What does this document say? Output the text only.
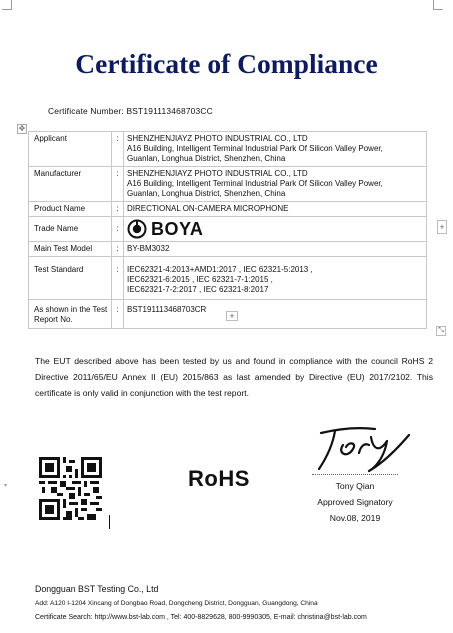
Certificate of Compliance
Certificate Number: BST191113468703CC
✥
Applicant	:	SHENZHENJIAYZ PHOTO INDUSTRIAL CO., LTD
A16 Building, Intelligent Terminal Industrial Park Of Silicon Valley Power,
Guanlan, Longhua District, Shenzhen, China

Manufacturer	:	SHENZHENJIAYZ PHOTO INDUSTRIAL CO., LTD
A16 Building, Intelligent Terminal Industrial Park Of Silicon Valley Power,
Guanlan, Longhua District, Shenzhen, China

Product Name	:	DIRECTIONAL ON-CAMERA MICROPHONE
Trade Name	:	BOYA

Main Test Model	:	BY-BM3032
Test Standard	:	IEC62321-4:2013+AMD1:2017 , IEC 62321-5:2013 ,
IEC62321-6:2015 , IEC 62321-7-1:2015 ,
IEC62321-7-2:2017 , IEC 62321-8:2017

As shown in the Test Report No.	:	BST191113468703CR
+
+
⤡
▾
The EUT described above has been tested by us and found in compliance with the council RoHS 2 Directive 2011/65/EU Annex II (EU) 2015/863 as last amended by Directive (EU) 2017/2102. This certificate is only valid in conjunction with the test report.
RoHS	Tony Qian
Approved Signatory
Nov.08, 2019
Dongguan BST Testing Co., Ltd
Add: A120 I-1204 Xincang of Dongbao Road, Dongcheng District, Dongguan, Guangdong, China
Certificate Search: http://www.bst-lab.com , Tel: 400-8829628, 800-9990305, E-mail: christina@bst-lab.com
